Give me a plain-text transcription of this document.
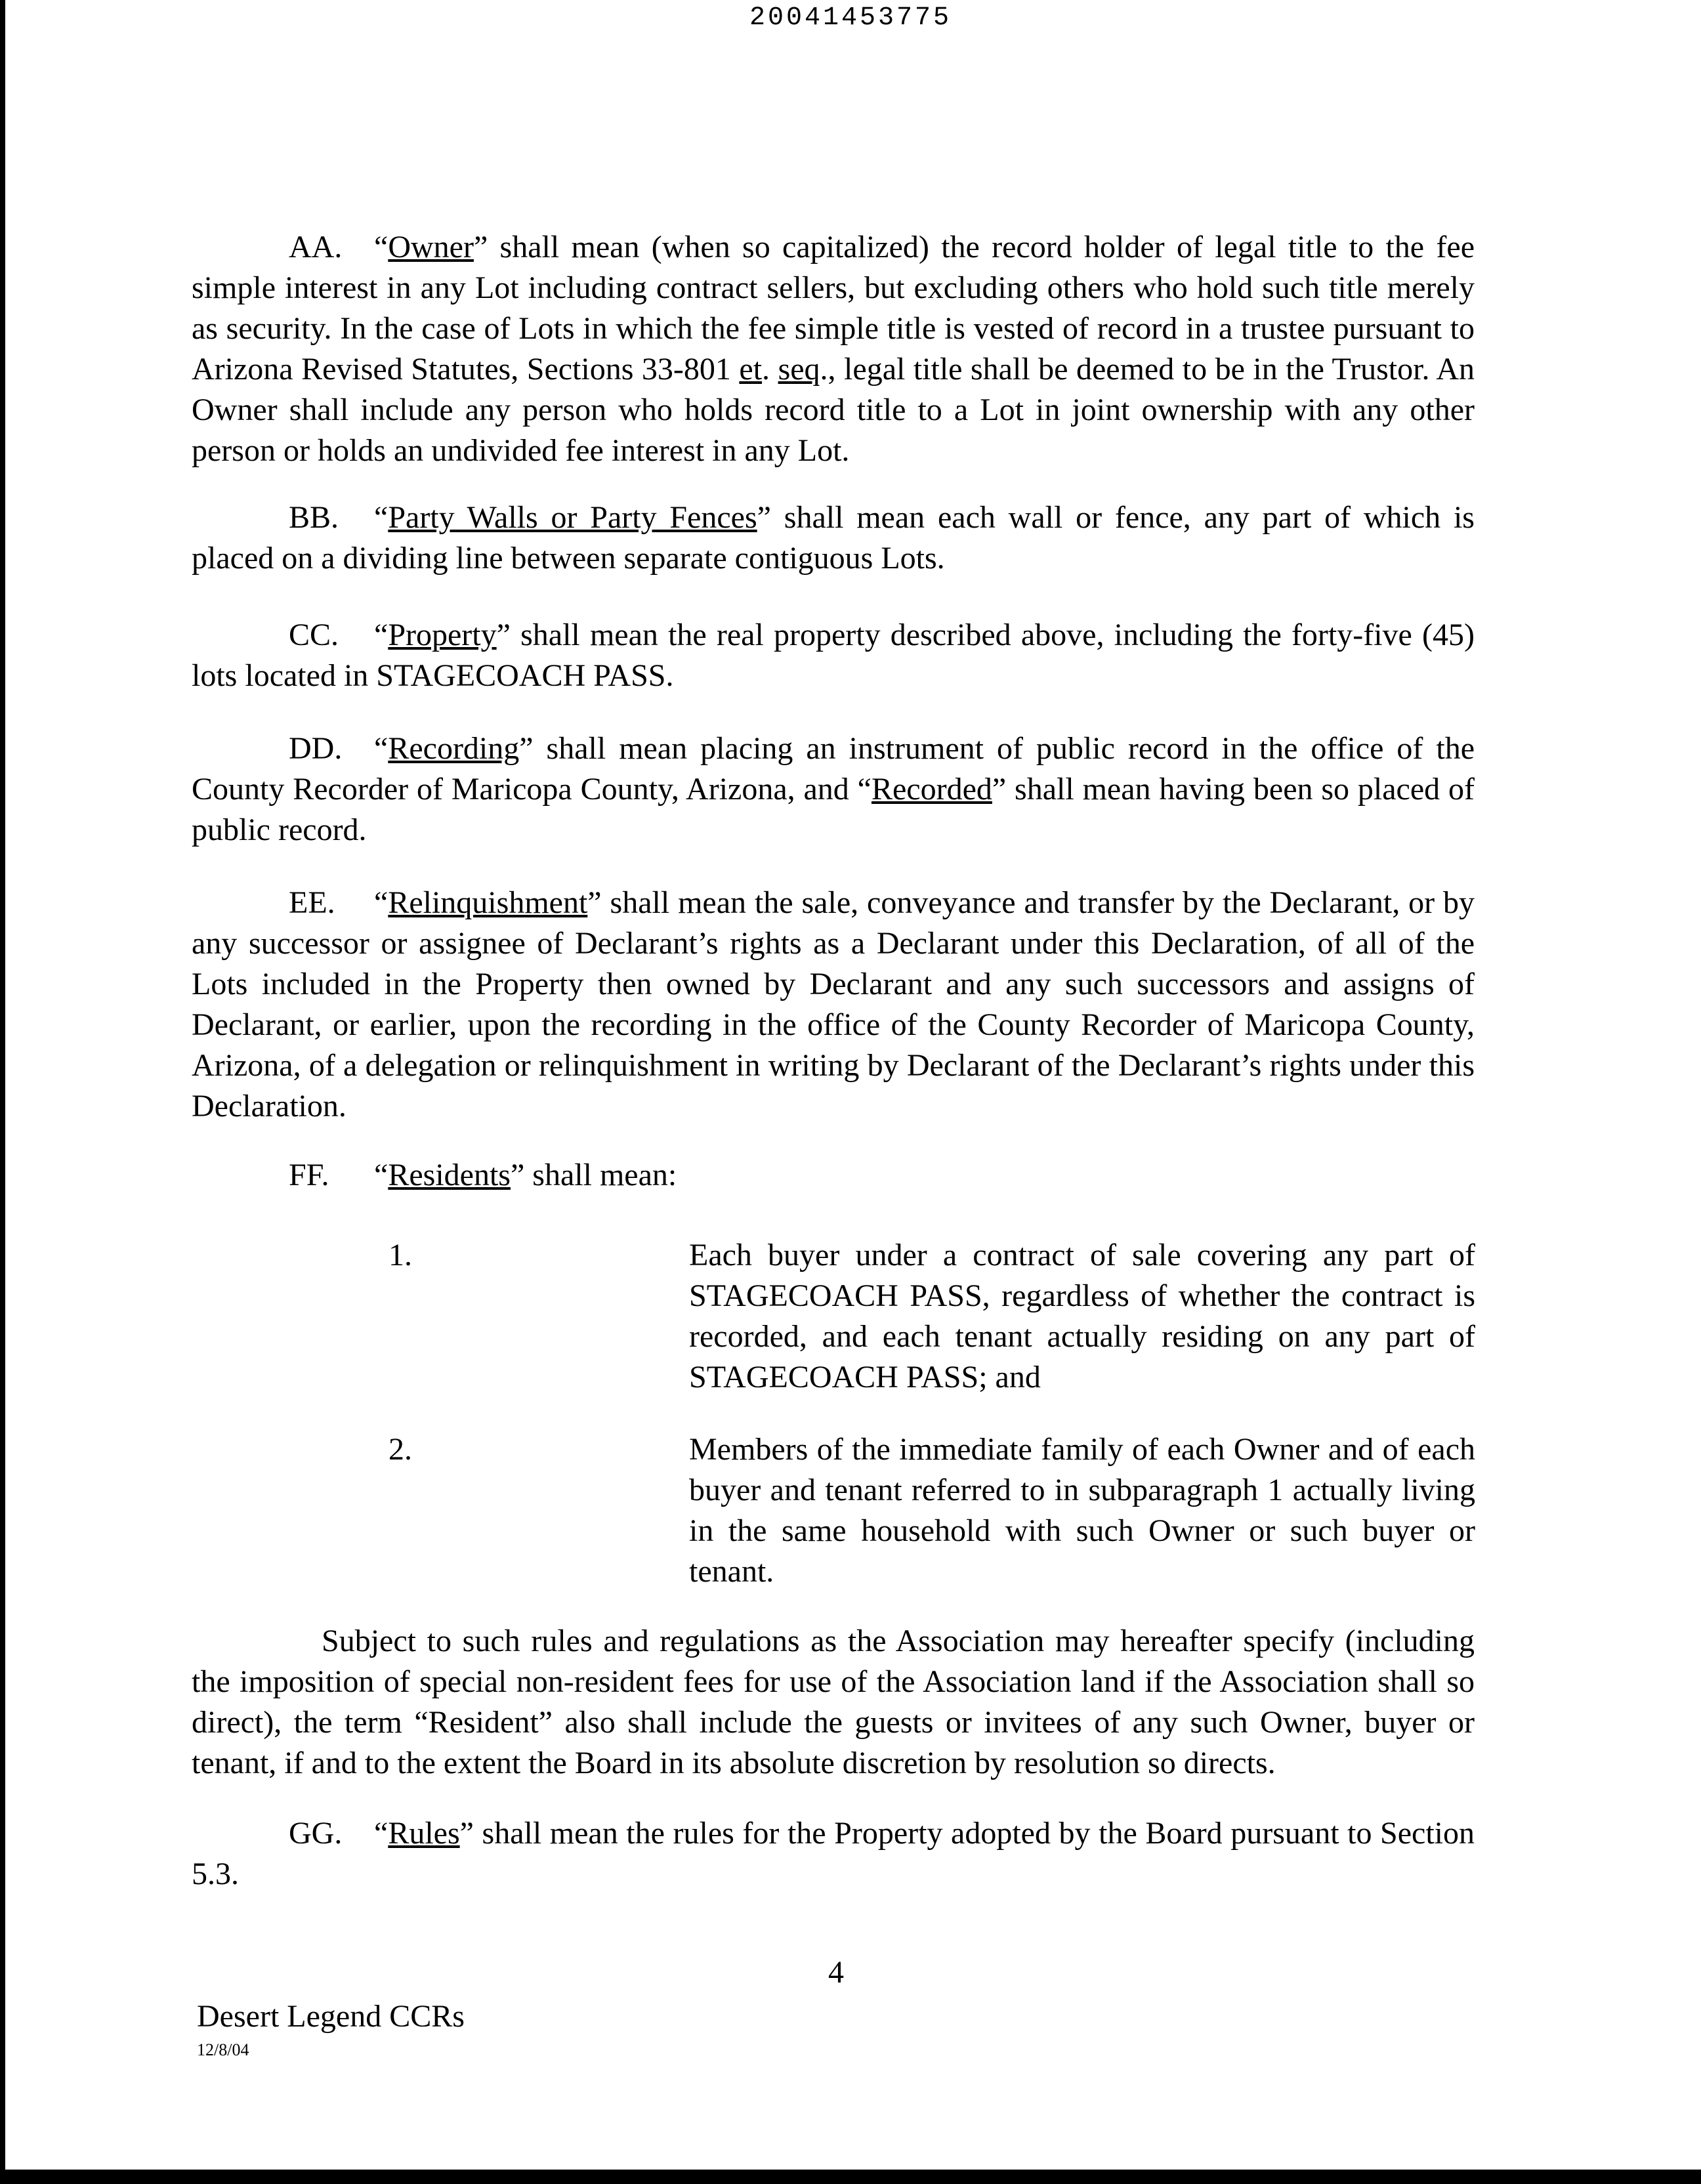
20041453775

AA. “Owner” shall mean (when so capitalized) the record holder of legal title to the fee simple interest in any Lot including contract sellers, but excluding others who hold such title merely as security. In the case of Lots in which the fee simple title is vested of record in a trustee pursuant to Arizona Revised Statutes, Sections 33-801 et. seq., legal title shall be deemed to be in the Trustor. An Owner shall include any person who holds record title to a Lot in joint ownership with any other person or holds an undivided fee interest in any Lot.

BB. “Party Walls or Party Fences” shall mean each wall or fence, any part of which is placed on a dividing line between separate contiguous Lots.

CC. “Property” shall mean the real property described above, including the forty-five (45) lots located in STAGECOACH PASS.

DD. “Recording” shall mean placing an instrument of public record in the office of the County Recorder of Maricopa County, Arizona, and “Recorded” shall mean having been so placed of public record.

EE. “Relinquishment” shall mean the sale, conveyance and transfer by the Declarant, or by any successor or assignee of Declarant’s rights as a Declarant under this Declaration, of all of the Lots included in the Property then owned by Declarant and any such successors and assigns of Declarant, or earlier, upon the recording in the office of the County Recorder of Maricopa County, Arizona, of a delegation or relinquishment in writing by Declarant of the Declarant’s rights under this Declaration.

FF. “Residents” shall mean:

1.	Each buyer under a contract of sale covering any part of STAGECOACH PASS, regardless of whether the contract is recorded, and each tenant actually residing on any part of STAGECOACH PASS; and

2.	Members of the immediate family of each Owner and of each buyer and tenant referred to in subparagraph 1 actually living in the same household with such Owner or such buyer or tenant.

Subject to such rules and regulations as the Association may hereafter specify (including the imposition of special non-resident fees for use of the Association land if the Association shall so direct), the term “Resident” also shall include the guests or invitees of any such Owner, buyer or tenant, if and to the extent the Board in its absolute discretion by resolution so directs.

GG. “Rules” shall mean the rules for the Property adopted by the Board pursuant to Section 5.3.

4

Desert Legend CCRs

12/8/04
